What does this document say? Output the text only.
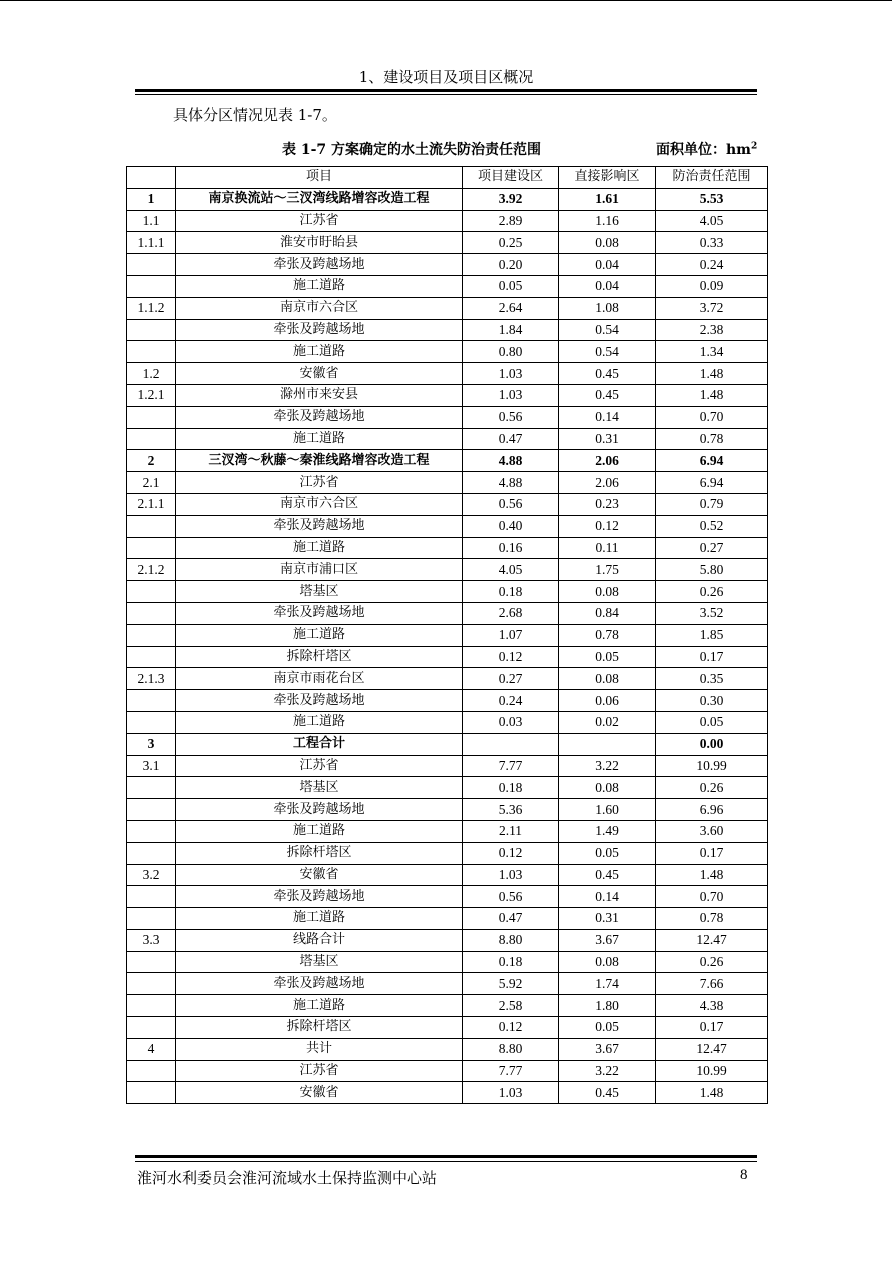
1、建设项目及项目区概况
具体分区情况见表 1-7。
表 1-7 方案确定的水土流失防治责任范围	面积单位：$hm^2$
	项目	项目建设区	直接影响区	防治责任范围
1	南京换流站～三汊湾线路增容改造工程	3.92	1.61	5.53
1.1	江苏省	2.89	1.16	4.05
1.1.1	淮安市盱眙县	0.25	0.08	0.33
	牵张及跨越场地	0.20	0.04	0.24
	施工道路	0.05	0.04	0.09
1.1.2	南京市六合区	2.64	1.08	3.72
	牵张及跨越场地	1.84	0.54	2.38
	施工道路	0.80	0.54	1.34
1.2	安徽省	1.03	0.45	1.48
1.2.1	滁州市来安县	1.03	0.45	1.48
	牵张及跨越场地	0.56	0.14	0.70
	施工道路	0.47	0.31	0.78
2	三汊湾～秋藤～秦淮线路增容改造工程	4.88	2.06	6.94
2.1	江苏省	4.88	2.06	6.94
2.1.1	南京市六合区	0.56	0.23	0.79
	牵张及跨越场地	0.40	0.12	0.52
	施工道路	0.16	0.11	0.27
2.1.2	南京市浦口区	4.05	1.75	5.80
	塔基区	0.18	0.08	0.26
	牵张及跨越场地	2.68	0.84	3.52
	施工道路	1.07	0.78	1.85
	拆除杆塔区	0.12	0.05	0.17
2.1.3	南京市雨花台区	0.27	0.08	0.35
	牵张及跨越场地	0.24	0.06	0.30
	施工道路	0.03	0.02	0.05
3	工程合计			0.00
3.1	江苏省	7.77	3.22	10.99
	塔基区	0.18	0.08	0.26
	牵张及跨越场地	5.36	1.60	6.96
	施工道路	2.11	1.49	3.60
	拆除杆塔区	0.12	0.05	0.17
3.2	安徽省	1.03	0.45	1.48
	牵张及跨越场地	0.56	0.14	0.70
	施工道路	0.47	0.31	0.78
3.3	线路合计	8.80	3.67	12.47
	塔基区	0.18	0.08	0.26
	牵张及跨越场地	5.92	1.74	7.66
	施工道路	2.58	1.80	4.38
	拆除杆塔区	0.12	0.05	0.17
4	共计	8.80	3.67	12.47
	江苏省	7.77	3.22	10.99
	安徽省	1.03	0.45	1.48
淮河水利委员会淮河流域水土保持监测中心站	8
